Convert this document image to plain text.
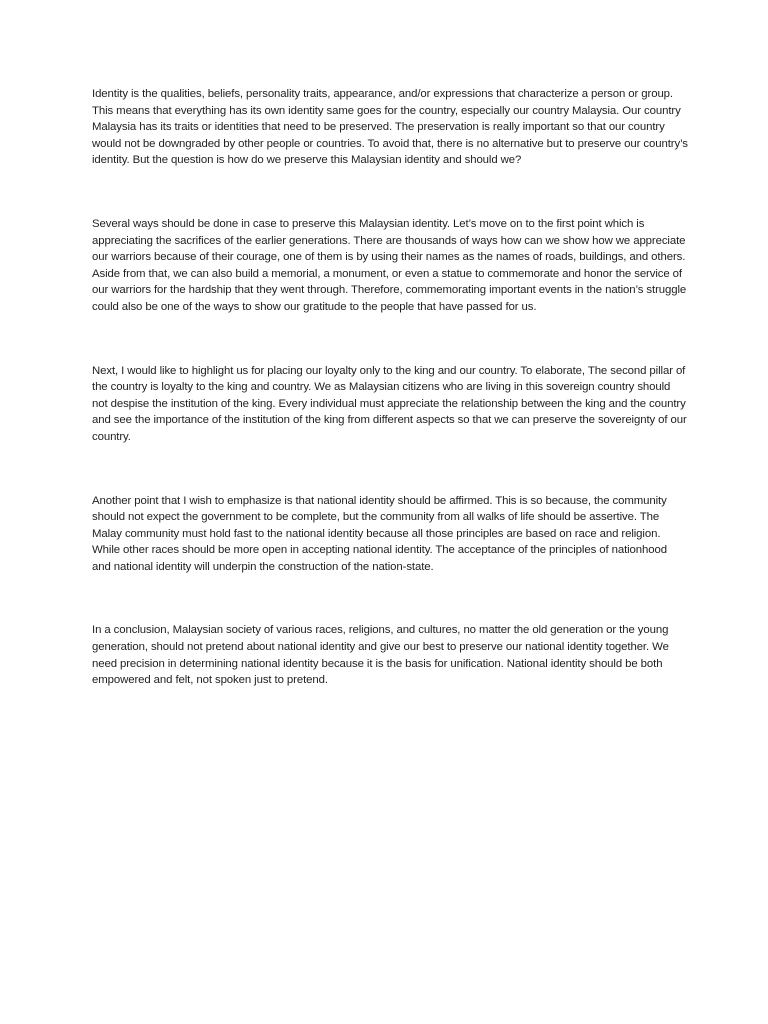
Identity is the qualities, beliefs, personality traits, appearance, and/or expressions that characterize a person or group. This means that everything has its own identity same goes for the country, especially our country Malaysia. Our country Malaysia has its traits or identities that need to be preserved. The preservation is really important so that our country would not be downgraded by other people or countries. To avoid that, there is no alternative but to preserve our country’s identity. But the question is how do we preserve this Malaysian identity and should we?

Several ways should be done in case to preserve this Malaysian identity. Let’s move on to the first point which is appreciating the sacrifices of the earlier generations. There are thousands of ways how can we show how we appreciate our warriors because of their courage, one of them is by using their names as the names of roads, buildings, and others. Aside from that, we can also build a memorial, a monument, or even a statue to commemorate and honor the service of our warriors for the hardship that they went through. Therefore, commemorating important events in the nation’s struggle could also be one of the ways to show our gratitude to the people that have passed for us.

Next, I would like to highlight us for placing our loyalty only to the king and our country. To elaborate, The second pillar of the country is loyalty to the king and country. We as Malaysian citizens who are living in this sovereign country should not despise the institution of the king. Every individual must appreciate the relationship between the king and the country and see the importance of the institution of the king from different aspects so that we can preserve the sovereignty of our country.

Another point that I wish to emphasize is that national identity should be affirmed. This is so because, the community should not expect the government to be complete, but the community from all walks of life should be assertive. The Malay community must hold fast to the national identity because all those principles are based on race and religion. While other races should be more open in accepting national identity. The acceptance of the principles of nationhood and national identity will underpin the construction of the nation-state.

In a conclusion, Malaysian society of various races, religions, and cultures, no matter the old generation or the young generation, should not pretend about national identity and give our best to preserve our national identity together. We need precision in determining national identity because it is the basis for unification. National identity should be both empowered and felt, not spoken just to pretend.
